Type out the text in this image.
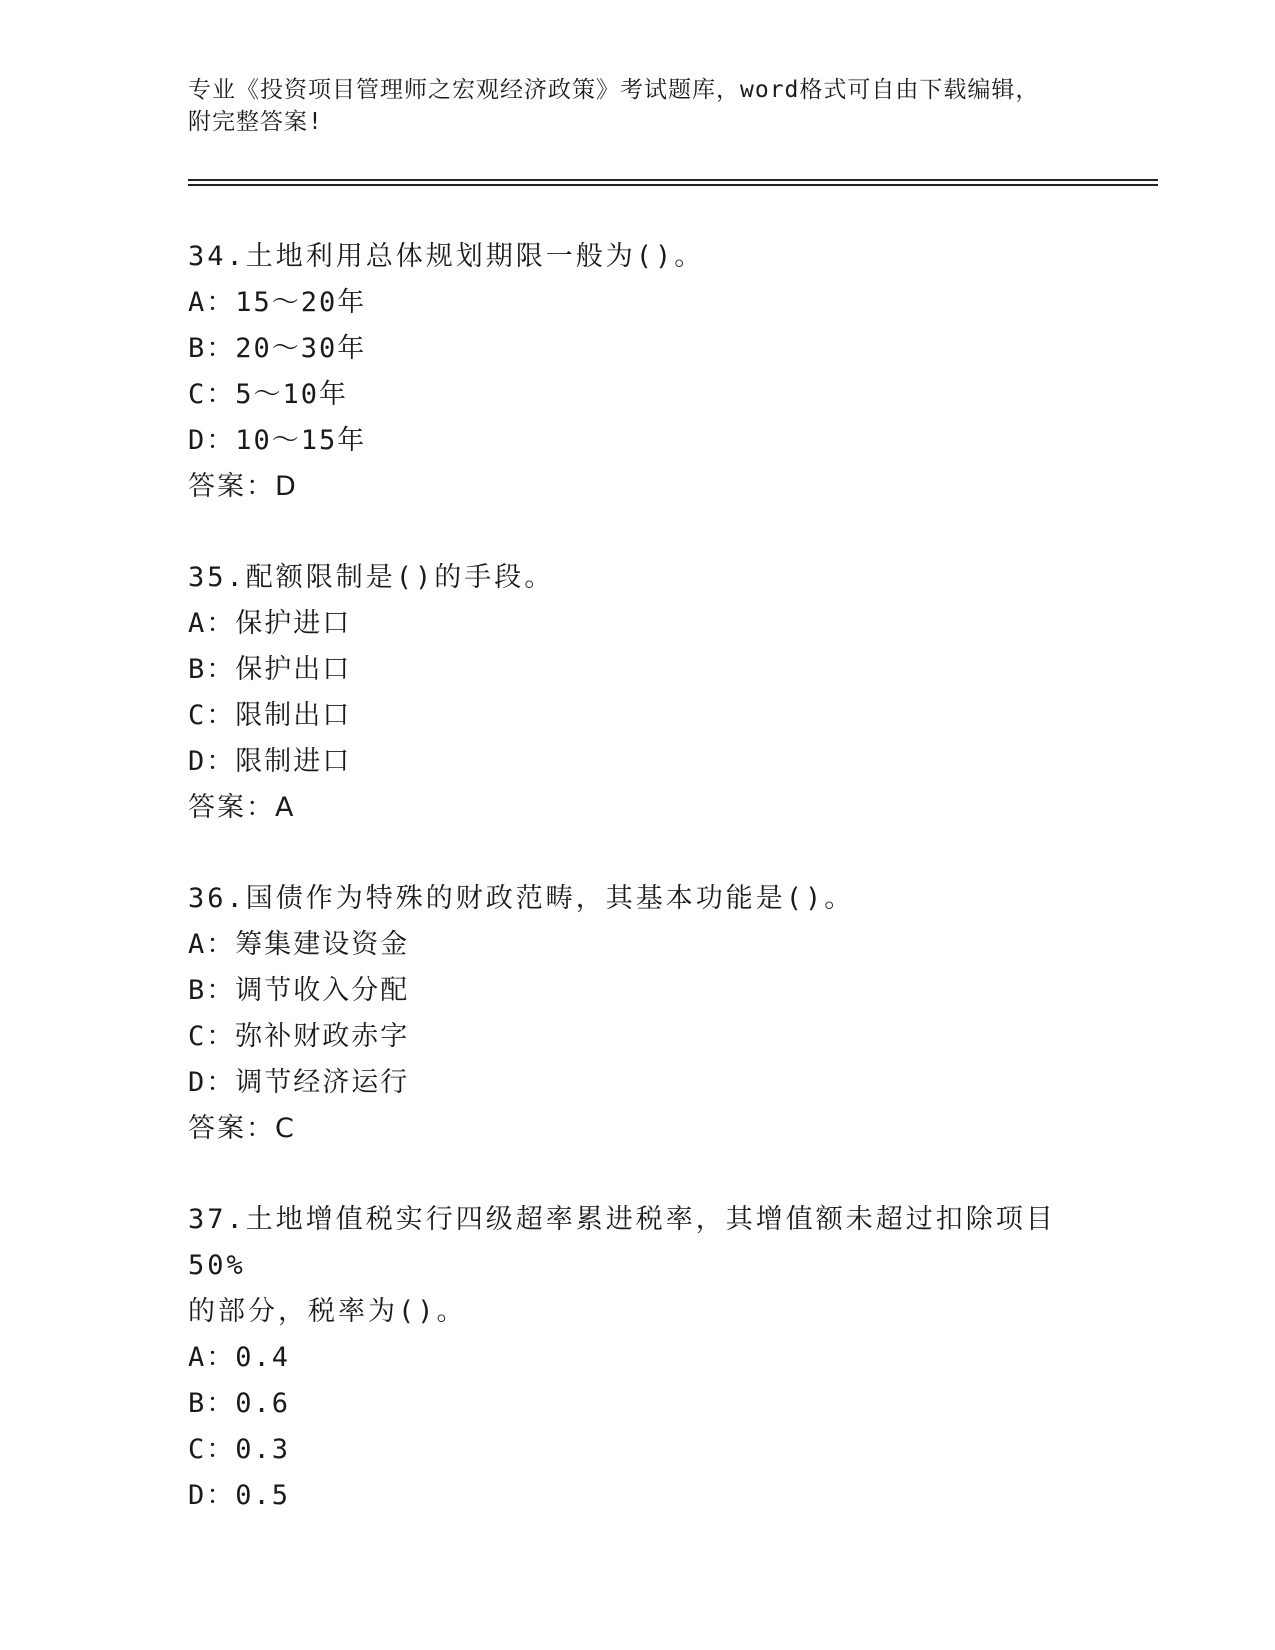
专业《投资项目管理师之宏观经济政策》考试题库，word格式可自由下载编辑，
附完整答案!

34.土地利用总体规划期限一般为()。

A：15～20年

B：20～30年

C：5～10年

D：10～15年

答案：D

35.配额限制是()的手段。

A：保护进口

B：保护出口

C：限制出口

D：限制进口

答案：A

36.国债作为特殊的财政范畴，其基本功能是()。

A：筹集建设资金

B：调节收入分配

C：弥补财政赤字

D：调节经济运行

答案：C

37.土地增值税实行四级超率累进税率，其增值额未超过扣除项目50%

的部分，税率为()。

A：0.4

B：0.6

C：0.3

D：0.5
